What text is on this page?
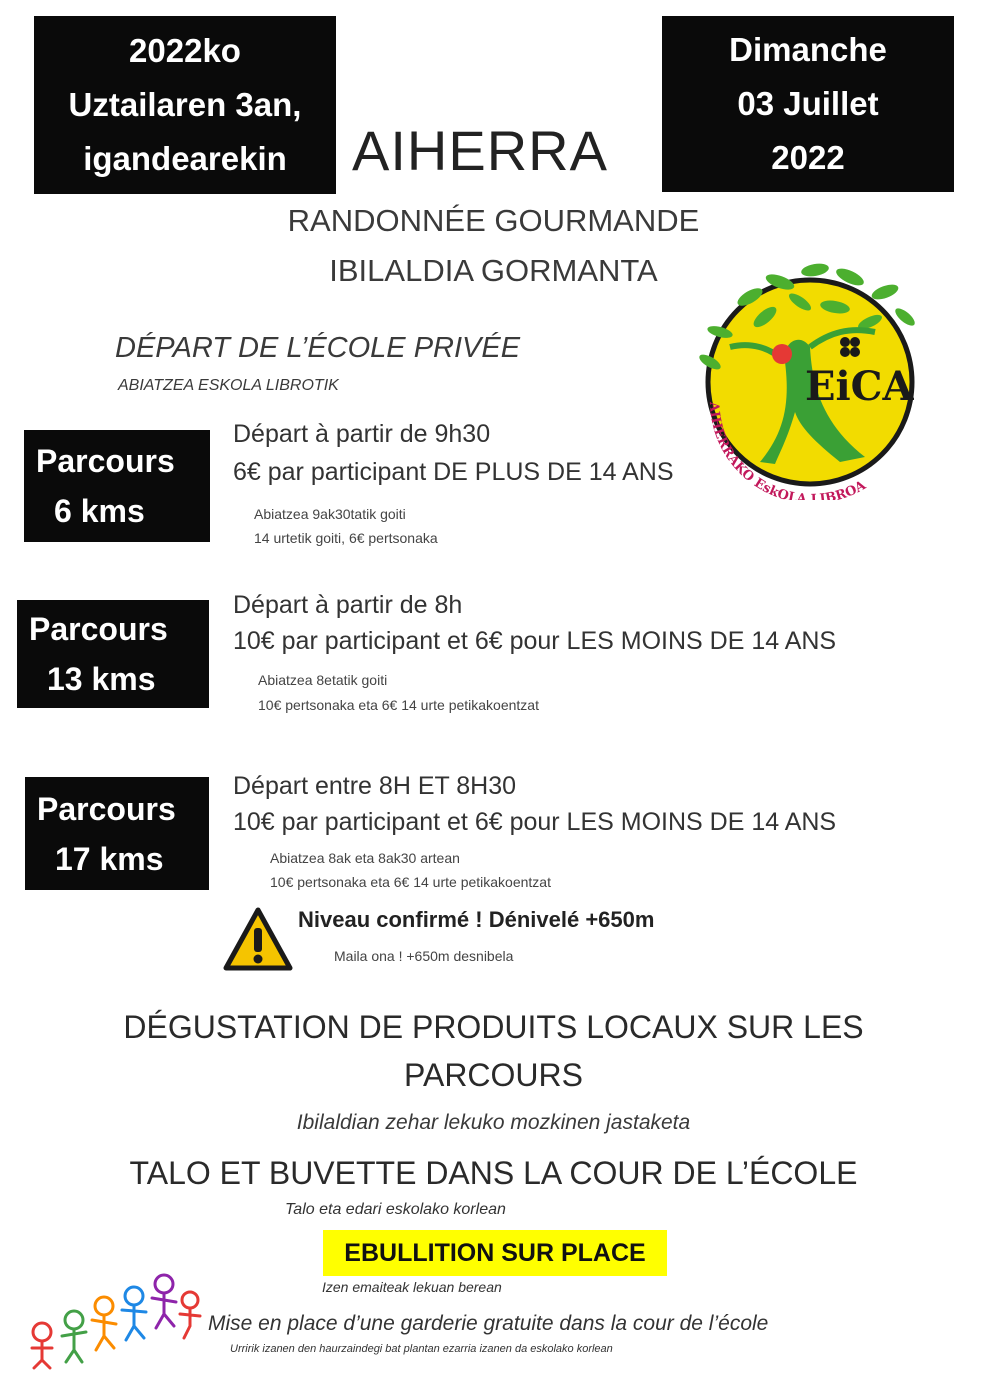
2022ko
Uztailaren 3an,
igandearekin AIHERRA
Dimanche
03 Juillet
2022
RANDONNÉE GOURMANDE
IBILALDIA GORMANTA
DÉPART DE L’ÉCOLE PRIVÉE
ABIATZEA ESKOLA LIBROTIK	EiCA
AIHERRAKO EskOLA LIBROA
Parcours
6 kms
Départ à partir de 9h30
6€ par participant DE PLUS DE 14 ANS
Abiatzea 9ak30tatik goiti
14 urtetik goiti, 6€ pertsonaka
Parcours
13 kms
Départ à partir de 8h
10€ par participant et 6€ pour LES MOINS DE 14 ANS
Abiatzea 8etatik goiti
10€ pertsonaka eta 6€ 14 urte petikakoentzat
Parcours
17 kms
Départ entre 8H ET 8H30
10€ par participant et 6€ pour LES MOINS DE 14 ANS
Abiatzea 8ak eta 8ak30 artean
10€ pertsonaka eta 6€ 14 urte petikakoentzat
Niveau confirmé ! Dénivelé +650m
Maila ona ! +650m desnibela
DÉGUSTATION DE PRODUITS LOCAUX SUR LES
PARCOURS
Ibilaldian zehar lekuko mozkinen jastaketa
TALO ET BUVETTE DANS LA COUR DE L’ÉCOLE
Talo eta edari eskolako korlean
EBULLITION SUR PLACE
Izen emaiteak lekuan berean
Mise en place d’une garderie gratuite dans la cour de l’école
Urririk izanen den haurzaindegi bat plantan ezarria izanen da eskolako korlean
